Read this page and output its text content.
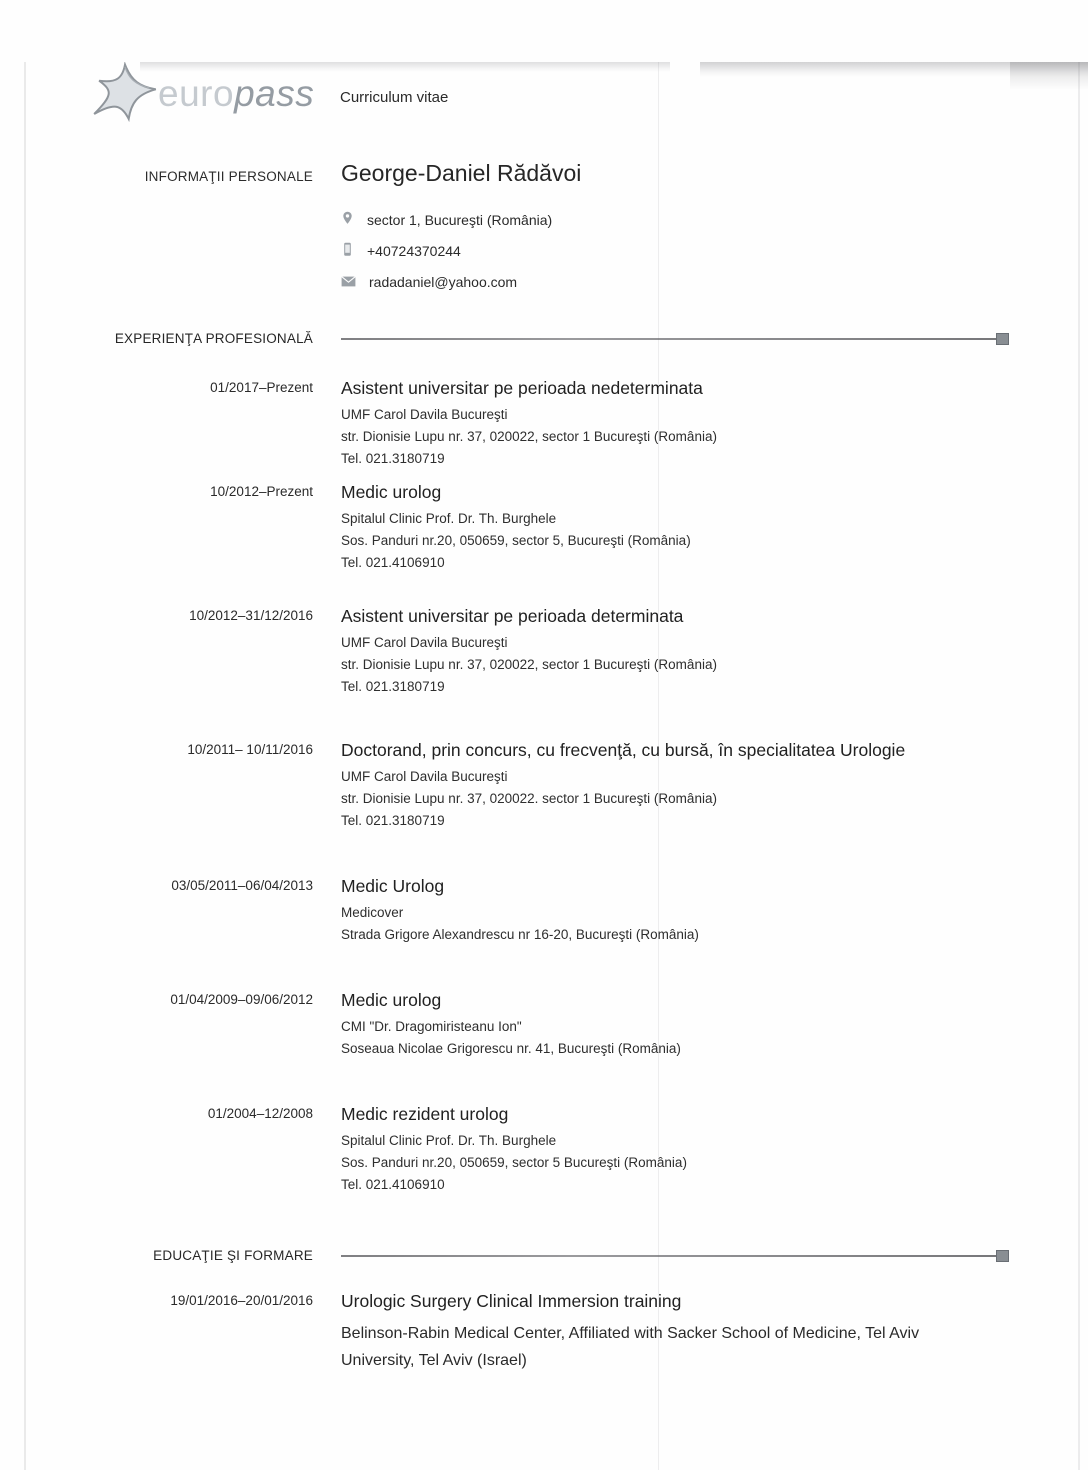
europass Curriculum vitae
INFORMAŢII PERSONALE George-Daniel Rădăvoi
sector 1, Bucureşti (România)
+40724370244
radadaniel@yahoo.com
EXPERIENŢA PROFESIONALĂ
01/2017–Prezent Asistent universitar pe perioada nedeterminata
UMF Carol Davila Bucureşti
str. Dionisie Lupu nr. 37, 020022, sector 1 Bucureşti (România)
Tel. 021.3180719
10/2012–Prezent Medic urolog
Spitalul Clinic Prof. Dr. Th. Burghele
Sos. Panduri nr.20, 050659, sector 5, Bucureşti (România)
Tel. 021.4106910
10/2012–31/12/2016 Asistent universitar pe perioada determinata
UMF Carol Davila Bucureşti
str. Dionisie Lupu nr. 37, 020022, sector 1 Bucureşti (România)
Tel. 021.3180719
10/2011– 10/11/2016 Doctorand, prin concurs, cu frecvenţă, cu bursă, în specialitatea Urologie
UMF Carol Davila Bucureşti
str. Dionisie Lupu nr. 37, 020022. sector 1 Bucureşti (România)
Tel. 021.3180719
03/05/2011–06/04/2013 Medic Urolog
Medicover
Strada Grigore Alexandrescu nr 16-20, Bucureşti (România)
01/04/2009–09/06/2012 Medic urolog
CMI "Dr. Dragomiristeanu Ion"
Soseaua Nicolae Grigorescu nr. 41, Bucureşti (România)
01/2004–12/2008 Medic rezident urolog
Spitalul Clinic Prof. Dr. Th. Burghele
Sos. Panduri nr.20, 050659, sector 5 Bucureşti (România)
Tel. 021.4106910
EDUCAŢIE ŞI FORMARE
19/01/2016–20/01/2016 Urologic Surgery Clinical Immersion training
Belinson-Rabin Medical Center, Affiliated with Sacker School of Medicine, Tel Aviv University, Tel Aviv (Israel)
